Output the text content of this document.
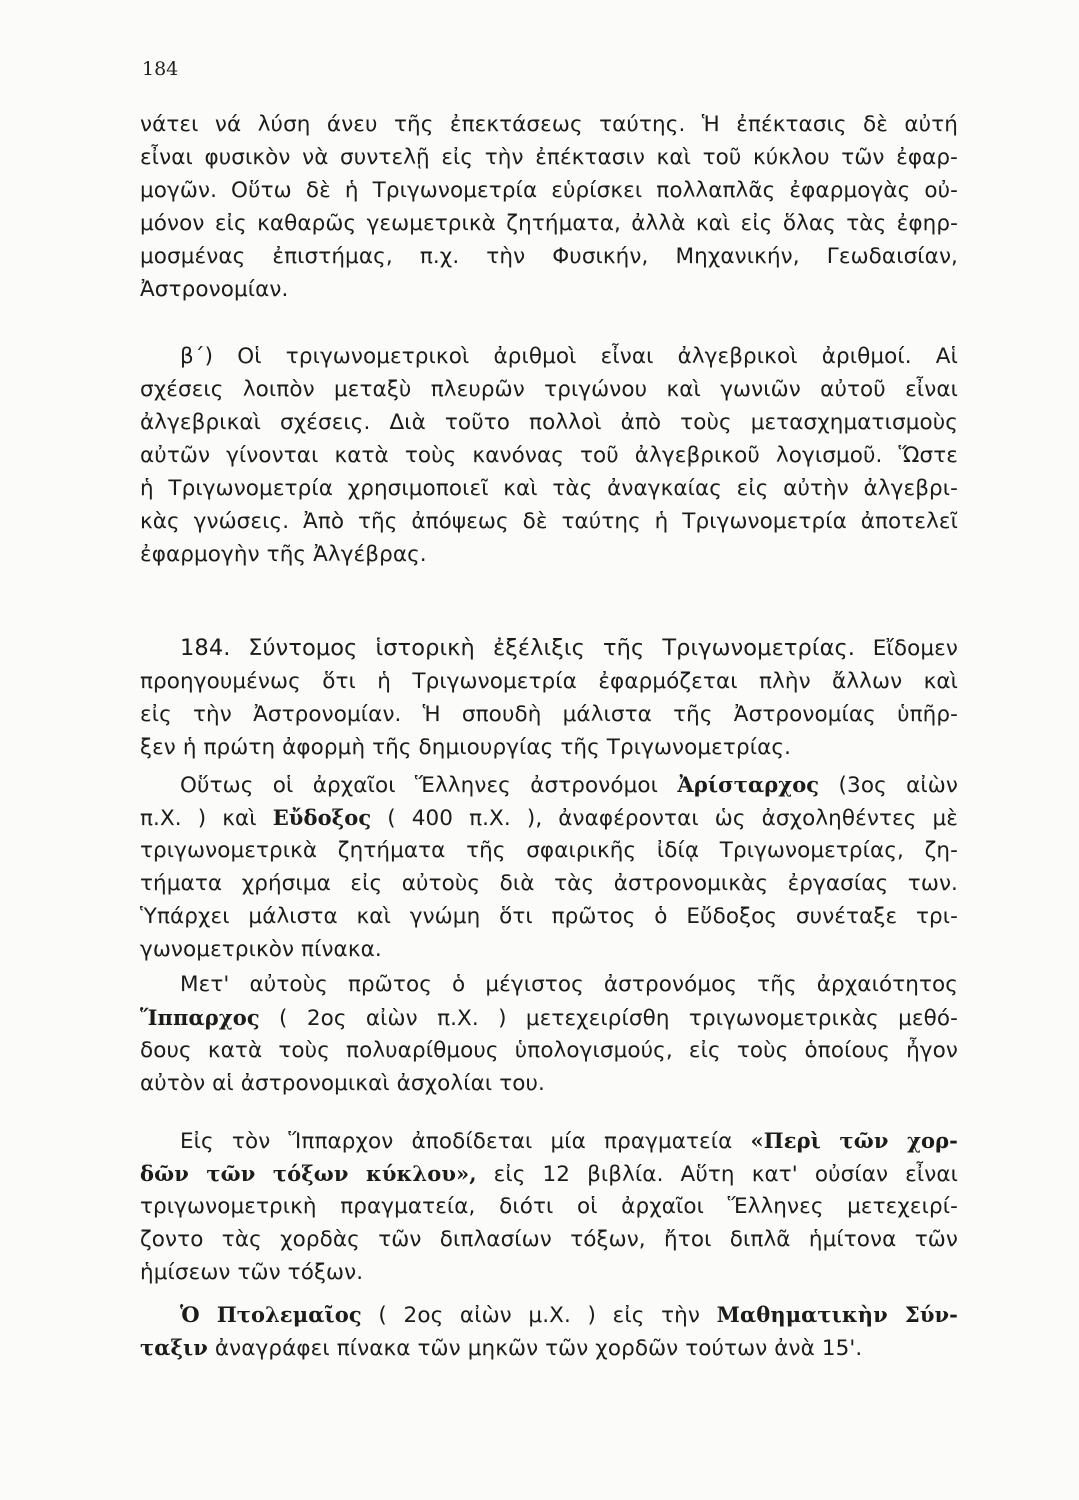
184
νάτει νά λύση άνευ τῆς ἐπεκτάσεως ταύτης. Ἡ ἐπέκτασις δὲ αὐτή
εἶναι φυσικὸν νὰ συντελῇ εἰς τὴν ἐπέκτασιν καὶ τοῦ κύκλου τῶν ἐφαρ-
μογῶν. Οὕτω δὲ ἡ Τριγωνομετρία εὑρίσκει πολλαπλᾶς ἐφαρμογὰς οὐ-
μόνον εἰς καθαρῶς γεωμετρικὰ ζητήματα, ἀλλὰ καὶ εἰς ὅλας τὰς ἐφηρ-
μοσμένας ἐπιστήμας, π.χ. τὴν Φυσικήν, Μηχανικήν, Γεωδαισίαν,
Ἀστρονομίαν.
β΄) Οἱ τριγωνομετρικοὶ ἀριθμοὶ εἶναι ἀλγεβρικοὶ ἀριθμοί. Αἱ
σχέσεις λοιπὸν μεταξὺ πλευρῶν τριγώνου καὶ γωνιῶν αὐτοῦ εἶναι
ἀλγεβρικαὶ σχέσεις. Διὰ τοῦτο πολλοὶ ἀπὸ τοὺς μετασχηματισμοὺς
αὐτῶν γίνονται κατὰ τοὺς κανόνας τοῦ ἀλγεβρικοῦ λογισμοῦ. Ὥστε
ἡ Τριγωνομετρία χρησιμοποιεῖ καὶ τὰς ἀναγκαίας εἰς αὐτὴν ἀλγεβρι-
κὰς γνώσεις. Ἀπὸ τῆς ἀπόψεως δὲ ταύτης ἡ Τριγωνομετρία ἀποτελεῖ
ἐφαρμογὴν τῆς Ἀλγέβρας.
184. Σύντομος ἱστορικὴ ἐξέλιξις τῆς Τριγωνομετρίας. Εἴδομεν
προηγουμένως ὅτι ἡ Τριγωνομετρία ἐφαρμόζεται πλὴν ἄλλων καὶ
εἰς τὴν Ἀστρονομίαν. Ἡ σπουδὴ μάλιστα τῆς Ἀστρονομίας ὑπῆρ-
ξεν ἡ πρώτη ἀφορμὴ τῆς δημιουργίας τῆς Τριγωνομετρίας.
Οὕτως οἱ ἀρχαῖοι Ἕλληνες ἀστρονόμοι Ἀρίσταρχος (3ος αἰὼν
π.Χ. ) καὶ Εὔδοξος ( 400 π.Χ. ), ἀναφέρονται ὡς ἀσχοληθέντες μὲ
τριγωνομετρικὰ ζητήματα τῆς σφαιρικῆς ἰδίᾳ Τριγωνομετρίας, ζη-
τήματα χρήσιμα εἰς αὐτοὺς διὰ τὰς ἀστρονομικὰς ἐργασίας των.
Ὑπάρχει μάλιστα καὶ γνώμη ὅτι πρῶτος ὁ Εὔδοξος συνέταξε τρι-
γωνομετρικὸν πίνακα.
Μετ' αὐτοὺς πρῶτος ὁ μέγιστος ἀστρονόμος τῆς ἀρχαιότητος
Ἵππαρχος ( 2ος αἰὼν π.Χ. ) μετεχειρίσθη τριγωνομετρικὰς μεθό-
δους κατὰ τοὺς πολυαρίθμους ὑπολογισμούς, εἰς τοὺς ὁποίους ἦγον
αὐτὸν αἱ ἀστρονομικαὶ ἀσχολίαι του.
Εἰς τὸν Ἵππαρχον ἀποδίδεται μία πραγματεία «Περὶ τῶν χορ-
δῶν τῶν τόξων κύκλου», εἰς 12 βιβλία. Αὕτη κατ' οὐσίαν εἶναι
τριγωνομετρικὴ πραγματεία, διότι οἱ ἀρχαῖοι Ἕλληνες μετεχειρί-
ζοντο τὰς χορδὰς τῶν διπλασίων τόξων, ἤτοι διπλᾶ ἡμίτονα τῶν
ἡμίσεων τῶν τόξων.
Ὁ Πτολεμαῖος ( 2ος αἰὼν μ.Χ. ) εἰς τὴν Μαθηματικὴν Σύν-
ταξιν ἀναγράφει πίνακα τῶν μηκῶν τῶν χορδῶν τούτων ἀνὰ 15'.
